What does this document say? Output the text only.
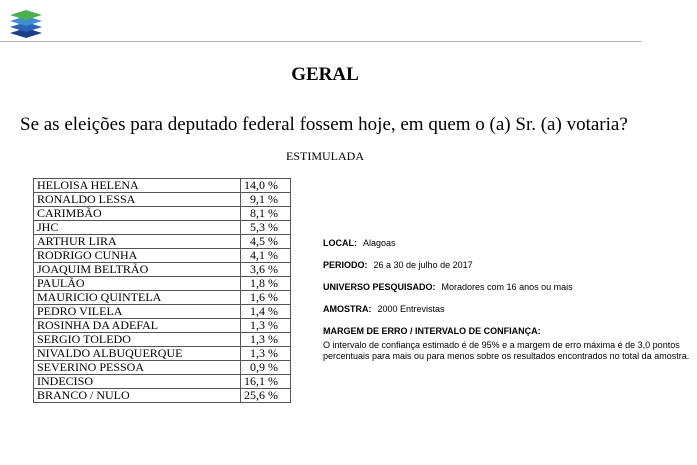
GERAL
Se as eleições para deputado federal fossem hoje, em quem o (a) Sr. (a) votaria?
ESTIMULADA
HELOISA HELENA	14,0 %
RONALDO LESSA	9,1 %
CARIMBÃO	8,1 %
JHC	5,3 %
ARTHUR LIRA	4,5 %
RODRIGO CUNHA	4,1 %
JOAQUIM BELTRÃO	3,6 %
PAULÃO	1,8 %
MAURICIO QUINTELA	1,6 %
PEDRO VILELA	1,4 %
ROSINHA DA ADEFAL	1,3 %
SERGIO TOLEDO	1,3 %
NIVALDO ALBUQUERQUE	1,3 %
SEVERINO PESSOA	0,9 %
INDECISO	16,1 %
BRANCO / NULO	25,6 %
LOCAL: Alagoas
PERIODO: 26 a 30 de julho de 2017
UNIVERSO PESQUISADO: Moradores com 16 anos ou mais
AMOSTRA: 2000 Entrevistas
MARGEM DE ERRO / INTERVALO DE CONFIANÇA:
O intervalo de confiança estimado é de 95% e a margem de erro máxima é de 3,0 pontos percentuais para mais ou para menos sobre os resultados encontrados no total da amostra.
